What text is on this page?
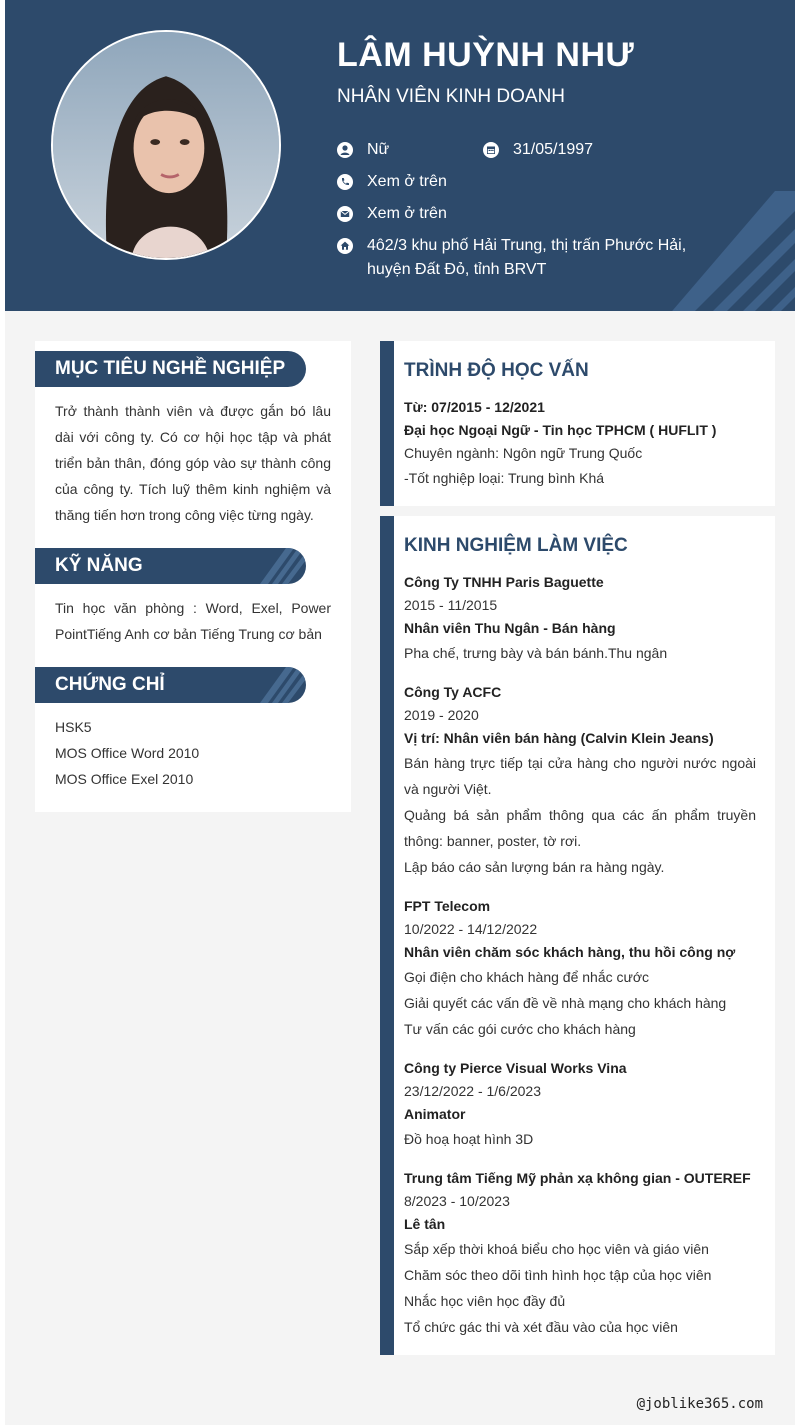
LÂM HUỲNH NHƯ
NHÂN VIÊN KINH DOANH
Nữ	31/05/1997
Xem ở trên
Xem ở trên
4ô2/3 khu phố Hải Trung, thị trấn Phước Hải,
huyện Đất Đỏ, tỉnh BRVT
MỤC TIÊU NGHỀ NGHIỆP
Trở thành thành viên và được gắn bó lâu dài với công ty. Có cơ hội học tập và phát triển bản thân, đóng góp vào sự thành công của công ty. Tích luỹ thêm kinh nghiệm và thăng tiến hơn trong công việc từng ngày.
KỸ NĂNG
Tin học văn phòng : Word, Exel, Power PointTiếng Anh cơ bản Tiếng Trung cơ bản
CHỨNG CHỈ
HSK5
MOS Office Word 2010
MOS Office Exel 2010
TRÌNH ĐỘ HỌC VẤN
Từ: 07/2015 - 12/2021
Đại học Ngoại Ngữ - Tin học TPHCM ( HUFLIT )
Chuyên ngành: Ngôn ngữ Trung Quốc
-Tốt nghiệp loại: Trung bình Khá
KINH NGHIỆM LÀM VIỆC
Công Ty TNHH Paris Baguette
2015 - 11/2015
Nhân viên Thu Ngân - Bán hàng
Pha chế, trưng bày và bán bánh.Thu ngân
Công Ty ACFC
2019 - 2020
Vị trí: Nhân viên bán hàng (Calvin Klein Jeans)
Bán hàng trực tiếp tại cửa hàng cho người nước ngoài và người Việt.
Quảng bá sản phẩm thông qua các ấn phẩm truyền thông: banner, poster, tờ rơi.
Lập báo cáo sản lượng bán ra hàng ngày.
FPT Telecom
10/2022 - 14/12/2022
Nhân viên chăm sóc khách hàng, thu hồi công nợ
Gọi điện cho khách hàng để nhắc cước
Giải quyết các vấn đề về nhà mạng cho khách hàng
Tư vấn các gói cước cho khách hàng
Công ty Pierce Visual Works Vina
23/12/2022 - 1/6/2023
Animator
Đồ hoạ hoạt hình 3D
Trung tâm Tiếng Mỹ phản xạ không gian - OUTEREF
8/2023 - 10/2023
Lê tân
Sắp xếp thời khoá biểu cho học viên và giáo viên
Chăm sóc theo dõi tình hình học tập của học viên
Nhắc học viên học đầy đủ
Tổ chức gác thi và xét đầu vào của học viên
@joblike365.com
